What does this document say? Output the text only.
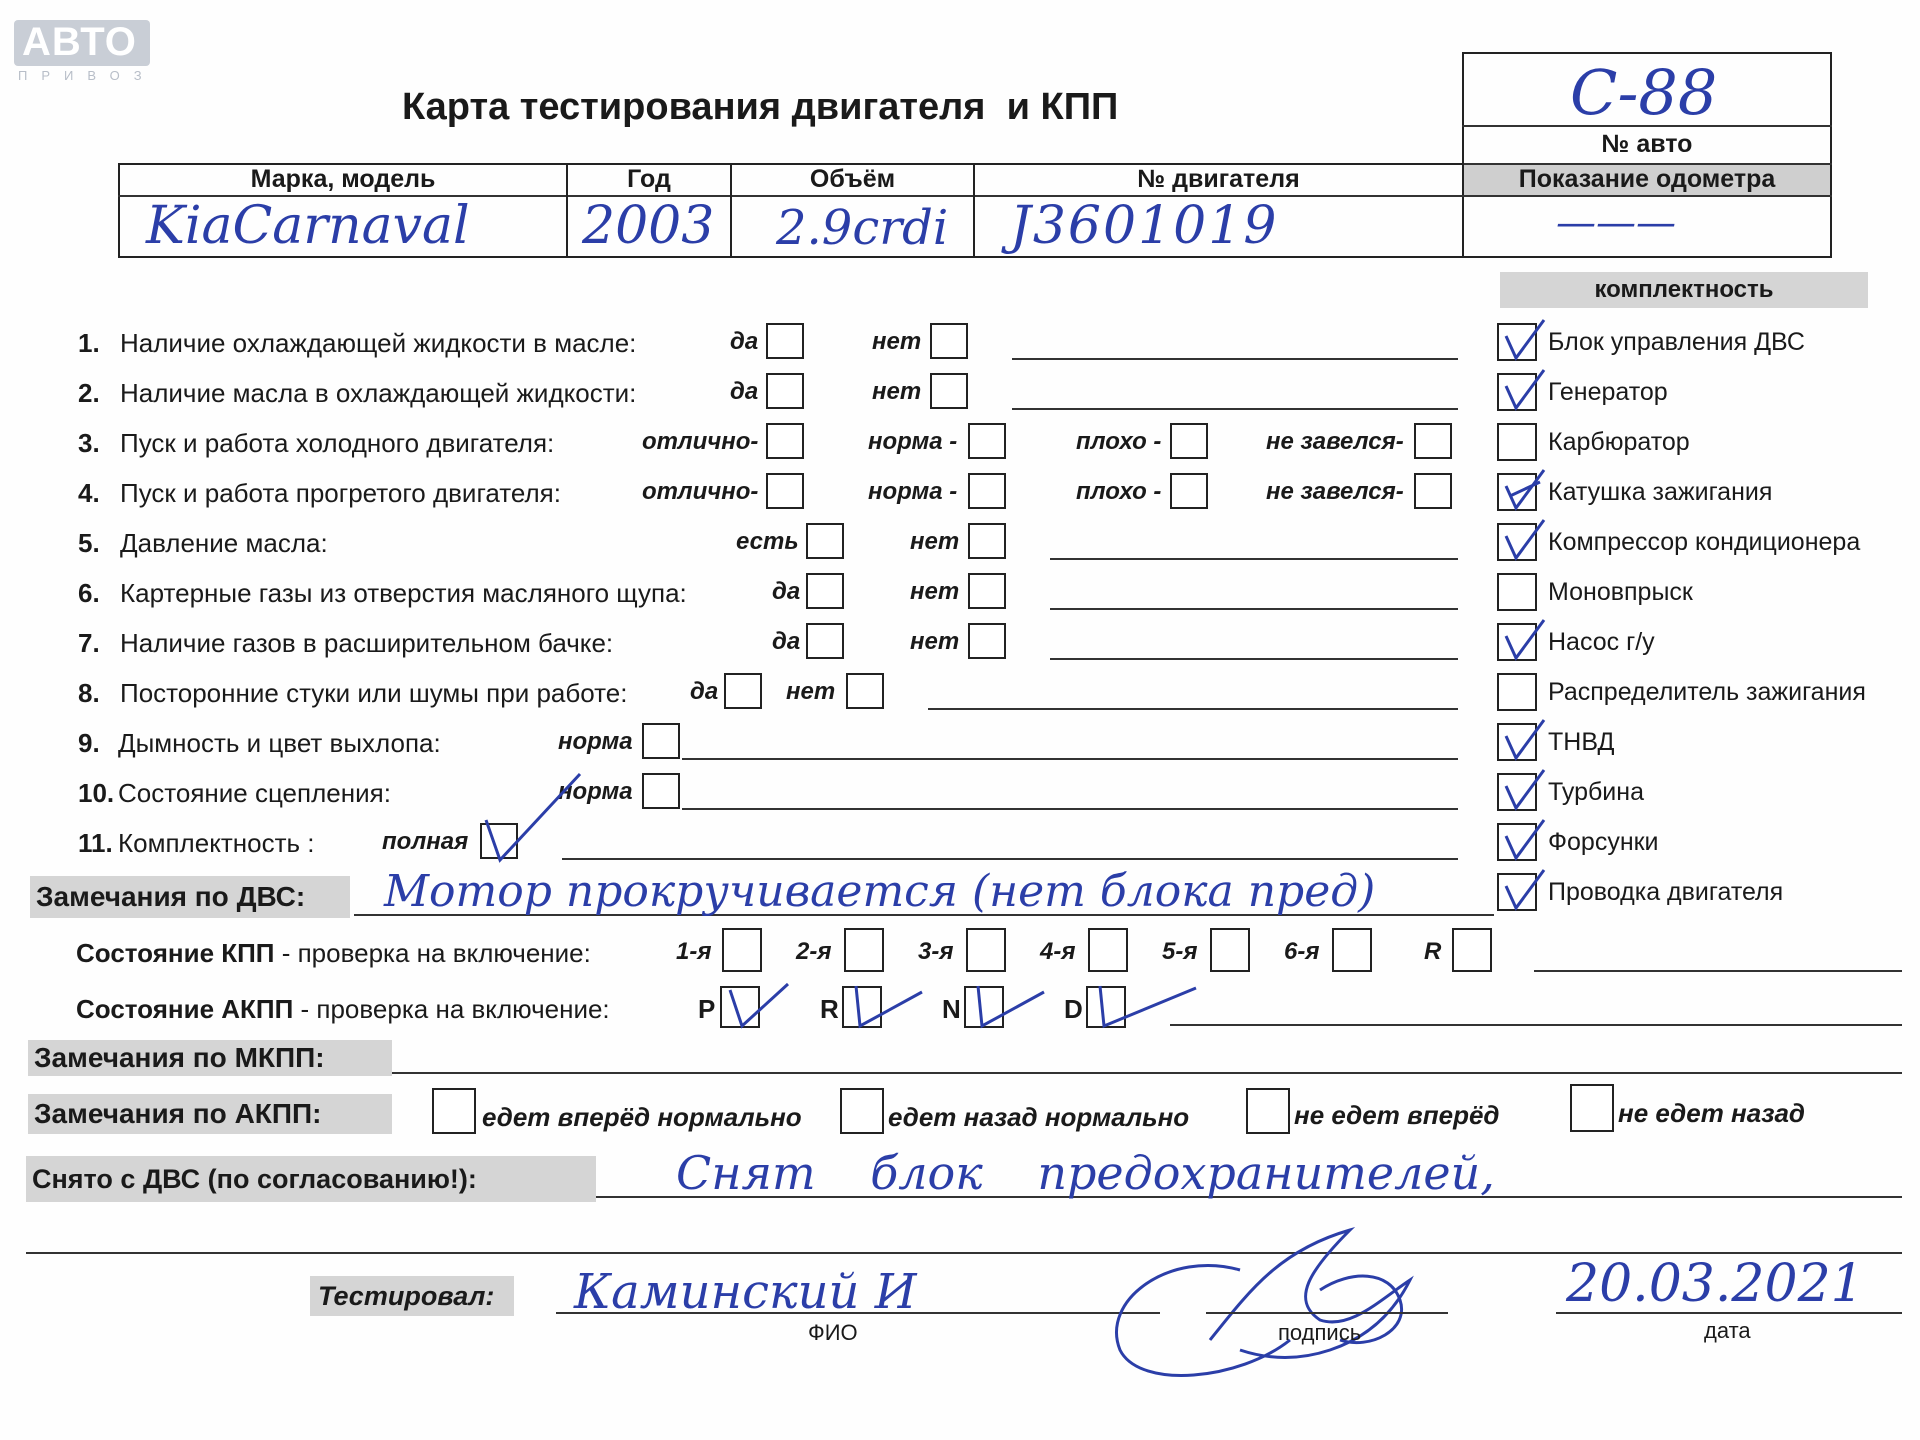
АВТО
ПРИВОЗ
Карта тестирования двигателя  и КПП	С-88
№ авто
Марка, модель	Год	Объём	№ двигателя	Показание одометра
KiaCarnaval 2003 2.9crdi J3601019	———
комплектность
Блок управления ДВС
Генератор
Карбюратор
Катушка зажигания
Компрессор кондиционера
Моновпрыск
Насос г/у
Распределитель зажигания
ТНВД
Турбина
Форсунки
Проводка двигателя
1. Наличие охлаждающей жидкости в масле:	да	нет
2. Наличие масла в охлаждающей жидкости:	да	нет
3. Пуск и работа холодного двигателя:	отлично-	норма -	плохо -	не завелся-
4. Пуск и работа прогретого двигателя:	отлично-	норма -	плохо -	не завелся-
5. Давление масла:	есть	нет
6. Картерные газы из отверстия масляного щупа:	да	нет
7. Наличие газов в расширительном бачке:	да	нет
8. Посторонние стуки или шумы при работе:	да	нет
9. Дымность и цвет выхлопа:	норма
10. Состояние сцепления:	норма
11. Комплектность :	полная
Замечания по ДВС:	Мотор прокручивается (нет блока пред)
Состояние КПП - проверка на включение:	1-я	2-я	3-я	4-я	5-я	6-я	R
Состояние АКПП - проверка на включение:	P	R	N	D
Замечания по МКПП:
Замечания по АКПП:	едет вперёд нормально	едет назад нормально	не едет вперёд	не едет назад
Снято с ДВС (по согласованию!):	Снят блок предохранителей,
Тестировал:	Каминский И
ФИО	подпись
20.03.2021
дата
